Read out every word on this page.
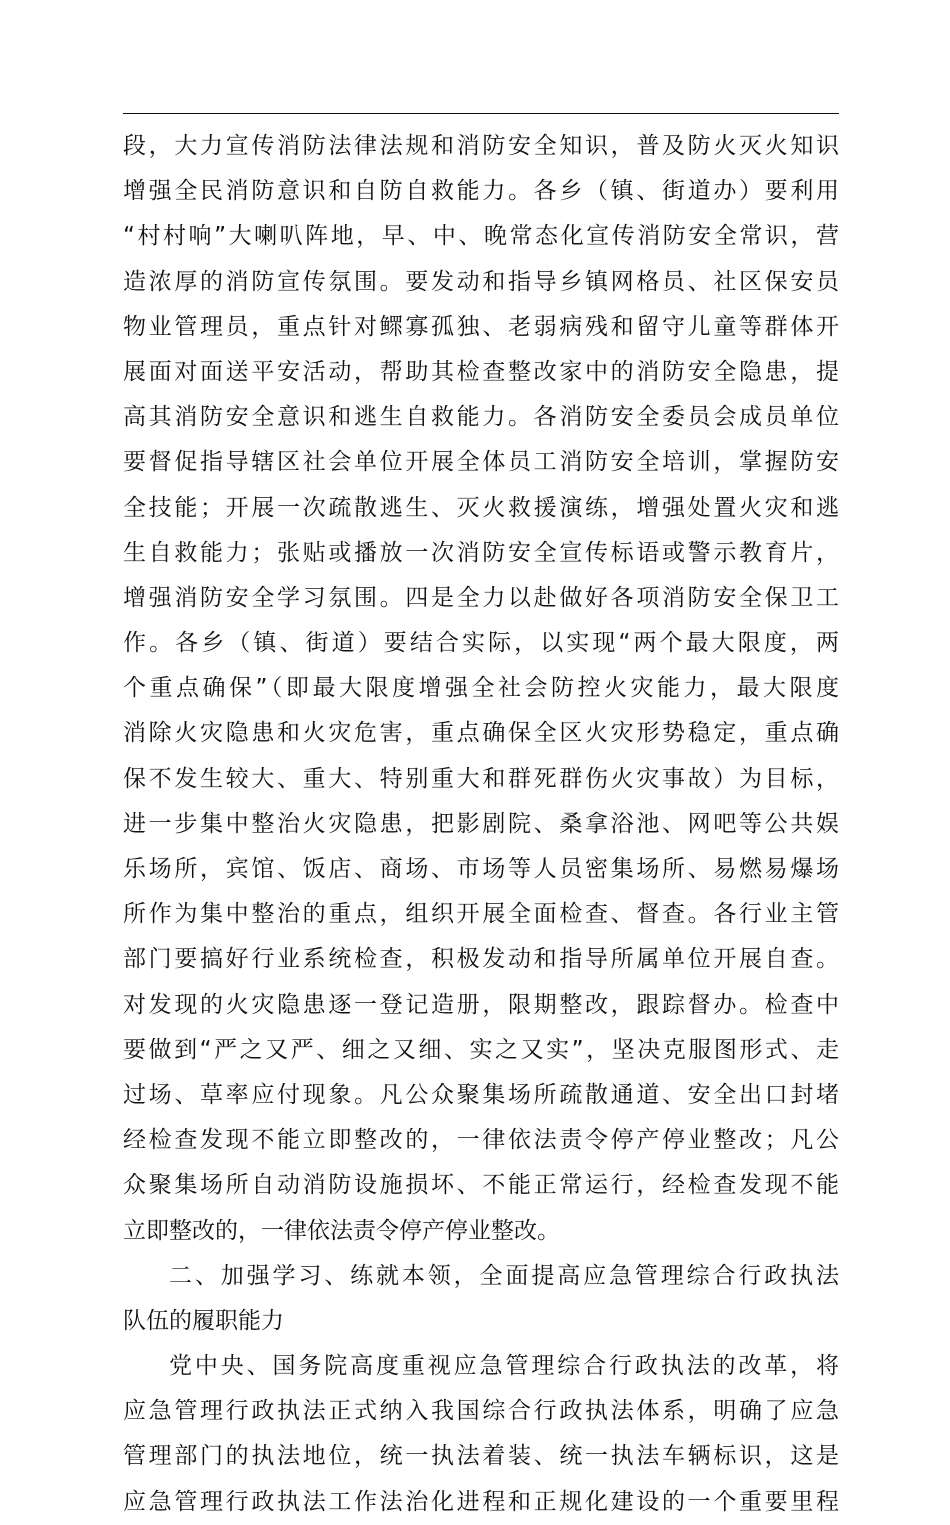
段，大力宣传消防法律法规和消防安全知识，普及防火灭火知识
增强全民消防意识和自防自救能力。各乡（镇、街道办）要利用
“村村响”大喇叭阵地，早、中、晚常态化宣传消防安全常识，营
造浓厚的消防宣传氛围。要发动和指导乡镇网格员、社区保安员
物业管理员，重点针对鳏寡孤独、老弱病残和留守儿童等群体开
展面对面送平安活动，帮助其检查整改家中的消防安全隐患，提
高其消防安全意识和逃生自救能力。各消防安全委员会成员单位
要督促指导辖区社会单位开展全体员工消防安全培训，掌握防安
全技能；开展一次疏散逃生、灭火救援演练，增强处置火灾和逃
生自救能力；张贴或播放一次消防安全宣传标语或警示教育片，
增强消防安全学习氛围。四是全力以赴做好各项消防安全保卫工
作。各乡（镇、街道）要结合实际，以实现“两个最大限度，两
个重点确保”（即最大限度增强全社会防控火灾能力，最大限度
消除火灾隐患和火灾危害，重点确保全区火灾形势稳定，重点确
保不发生较大、重大、特别重大和群死群伤火灾事故）为目标，
进一步集中整治火灾隐患，把影剧院、桑拿浴池、网吧等公共娱
乐场所，宾馆、饭店、商场、市场等人员密集场所、易燃易爆场
所作为集中整治的重点，组织开展全面检查、督查。各行业主管
部门要搞好行业系统检查，积极发动和指导所属单位开展自查。
对发现的火灾隐患逐一登记造册，限期整改，跟踪督办。检查中
要做到“严之又严、细之又细、实之又实”，坚决克服图形式、走
过场、草率应付现象。凡公众聚集场所疏散通道、安全出口封堵
经检查发现不能立即整改的，一律依法责令停产停业整改；凡公
众聚集场所自动消防设施损坏、不能正常运行，经检查发现不能
立即整改的，一律依法责令停产停业整改。
二、加强学习、练就本领，全面提高应急管理综合行政执法
队伍的履职能力
党中央、国务院高度重视应急管理综合行政执法的改革，将
应急管理行政执法正式纳入我国综合行政执法体系，明确了应急
管理部门的执法地位，统一执法着装、统一执法车辆标识，这是
应急管理行政执法工作法治化进程和正规化建设的一个重要里程
